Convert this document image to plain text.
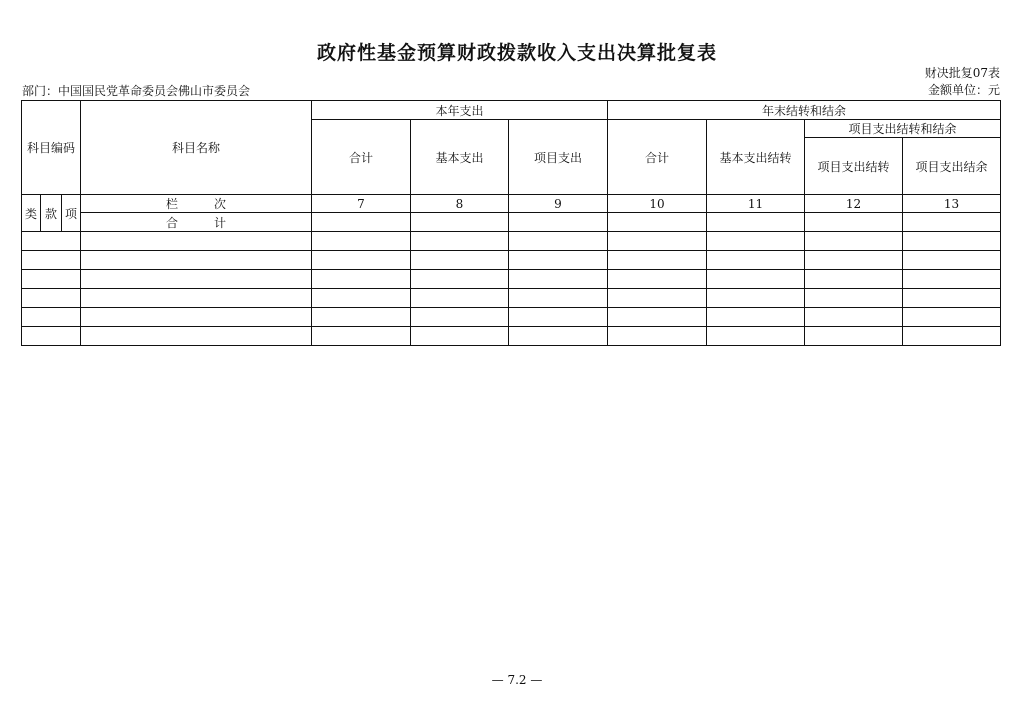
政府性基金预算财政拨款收入支出决算批复表
财决批复07表
金额单位：元
部门：中国国民党革命委员会佛山市委员会
科目编码			科目名称	本年支出			年末结转和结余			
				合计	基本支出	项目支出	合计	基本支出结转	项目支出结转和结余	
									项目支出结转	项目支出结余
类	款	项	栏　　　次	7	8	9	10	11	12	13
			合　　　计							

— 7.2 —
